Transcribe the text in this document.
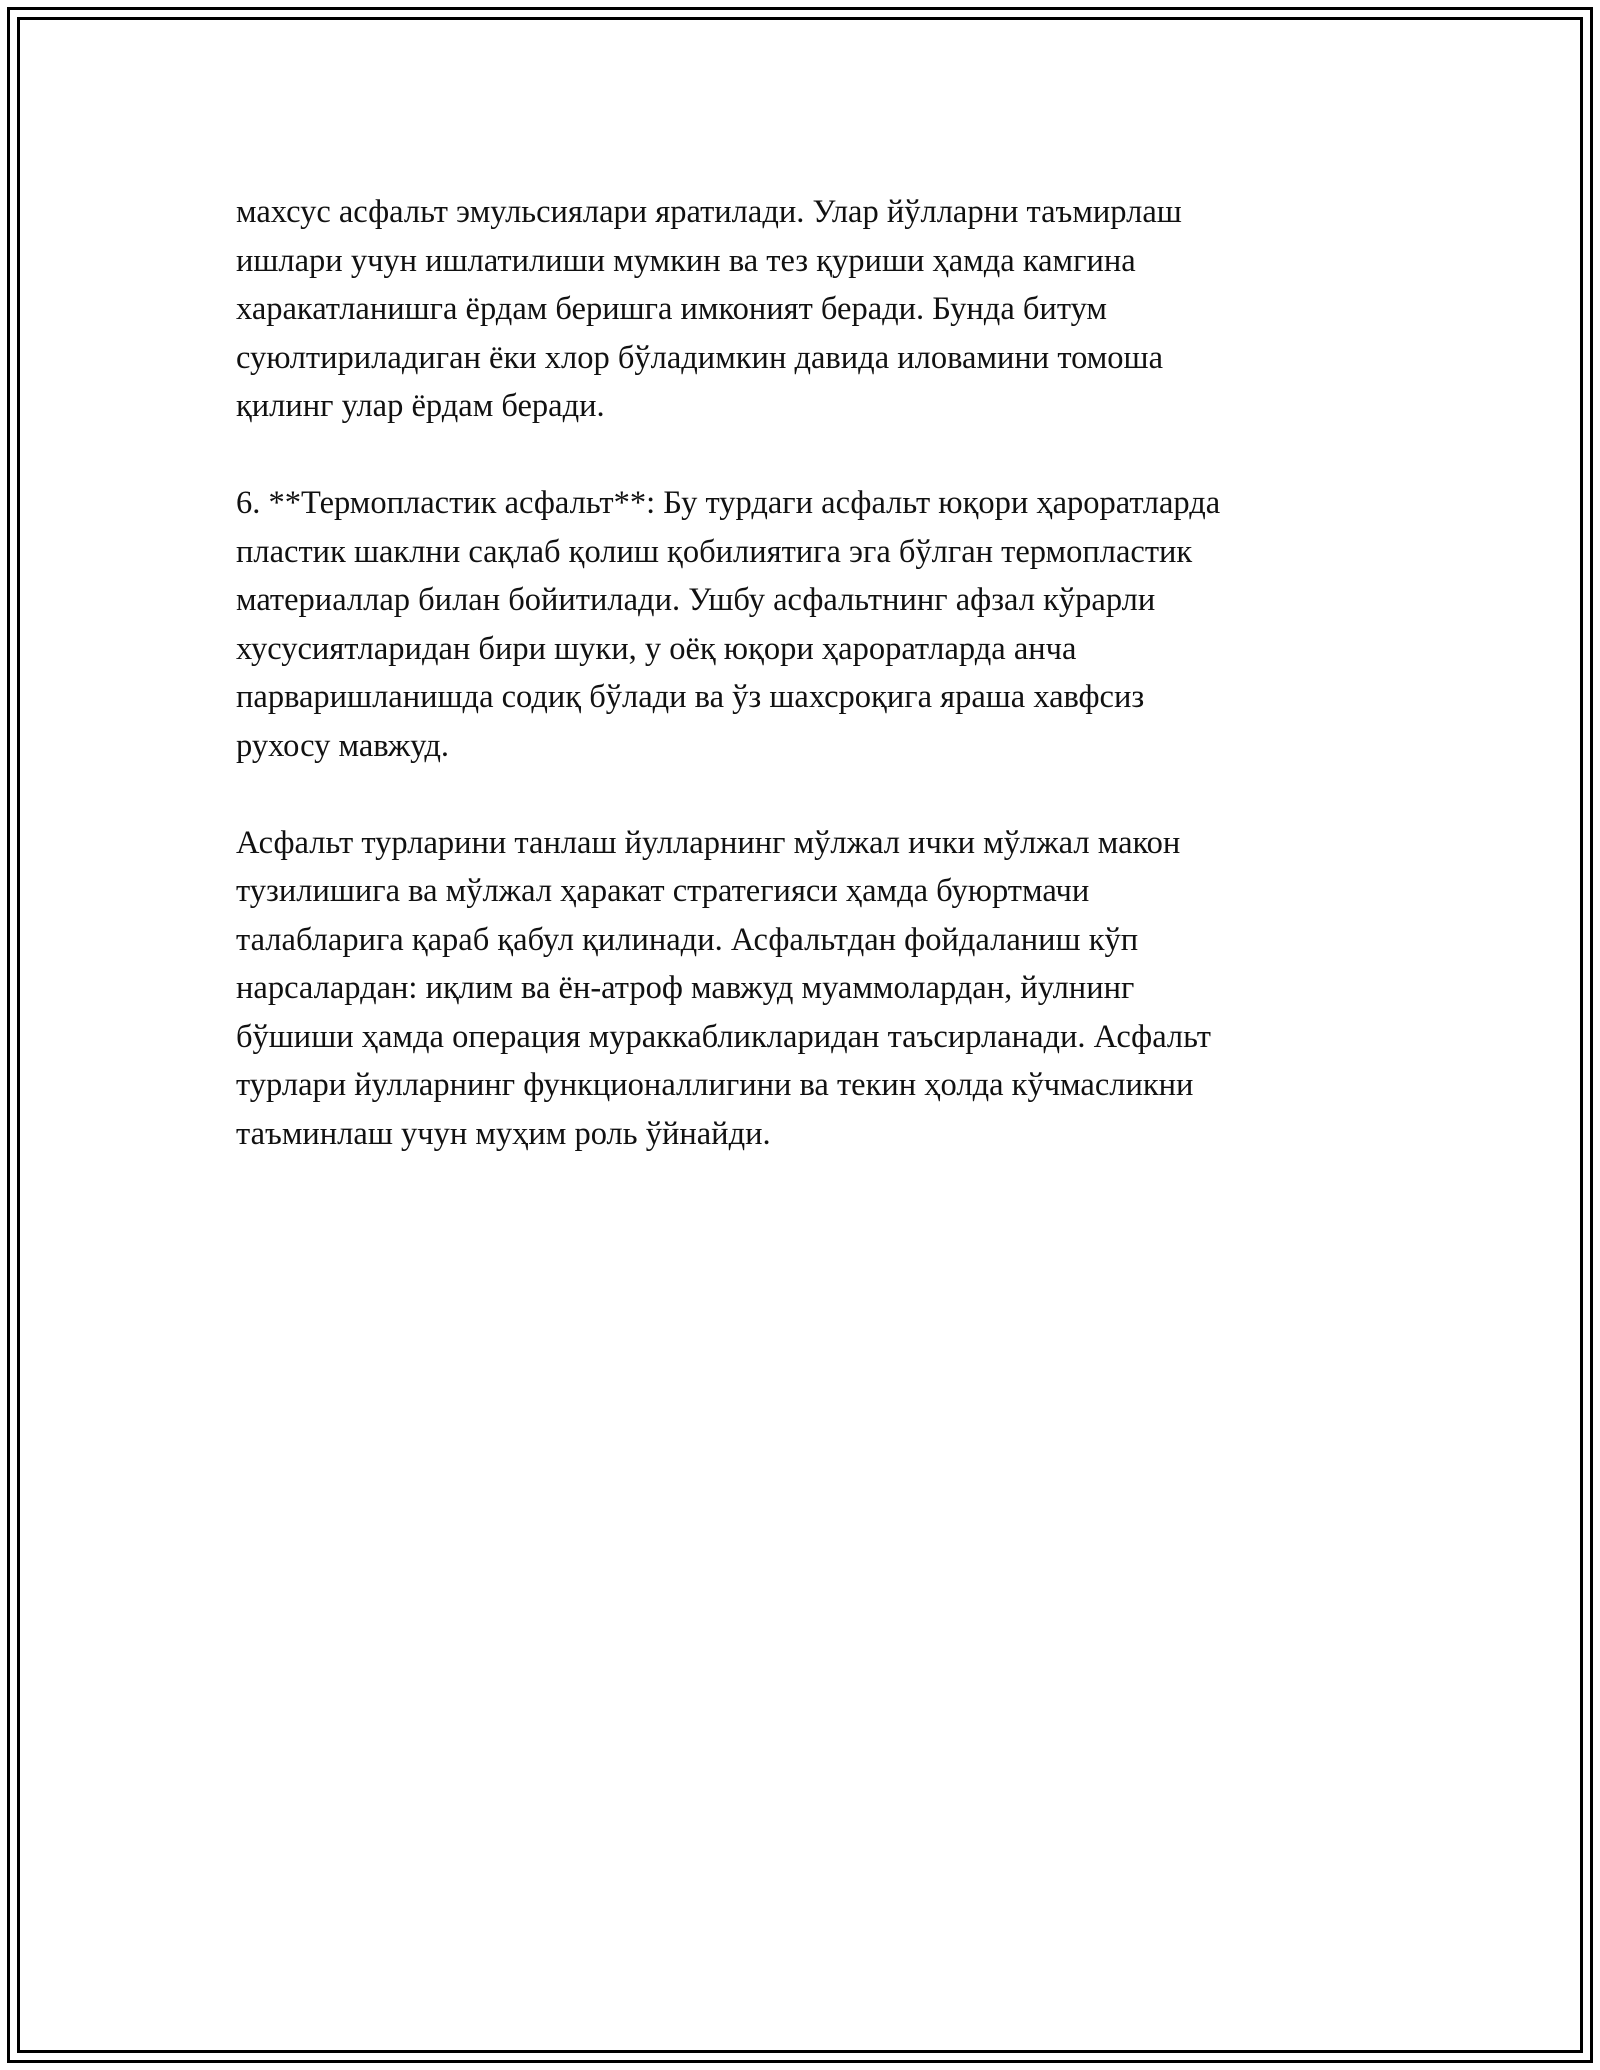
махсус асфальт эмульсиялари яратилади. Улар йўлларни таъмирлаш
ишлари учун ишлатилиши мумкин ва тез қуриши ҳамда камгина
харакатланишга ёрдам беришга имконият беради. Бунда битум
суюлтириладиган ёки хлор бўладимкин давида иловамини томоша
қилинг улар ёрдам беради.

6. **Термопластик асфальт**: Бу турдаги асфальт юқори ҳароратларда
пластик шаклни сақлаб қолиш қобилиятига эга бўлган термопластик
материаллар билан бойитилади. Ушбу асфальтнинг афзал кўрарли
хусусиятларидан бири шуки, у оёқ юқори ҳароратларда анча
парваришланишда содиқ бўлади ва ўз шахсроқига яраша хавфсиз
рухосу мавжуд.

Асфальт турларини танлаш йулларнинг мўлжал ички мўлжал макон
тузилишига ва мўлжал ҳаракат стратегияси ҳамда буюртмачи
талабларига қараб қабул қилинади. Асфальтдан фойдаланиш кўп
нарсалардан: иқлим ва ён-атроф мавжуд муаммолардан, йулнинг
бўшиши ҳамда операция мураккабликларидан таъсирланади. Асфальт
турлари йулларнинг функционаллигини ва текин ҳолда кўчмасликни
таъминлаш учун муҳим роль ўйнайди.
